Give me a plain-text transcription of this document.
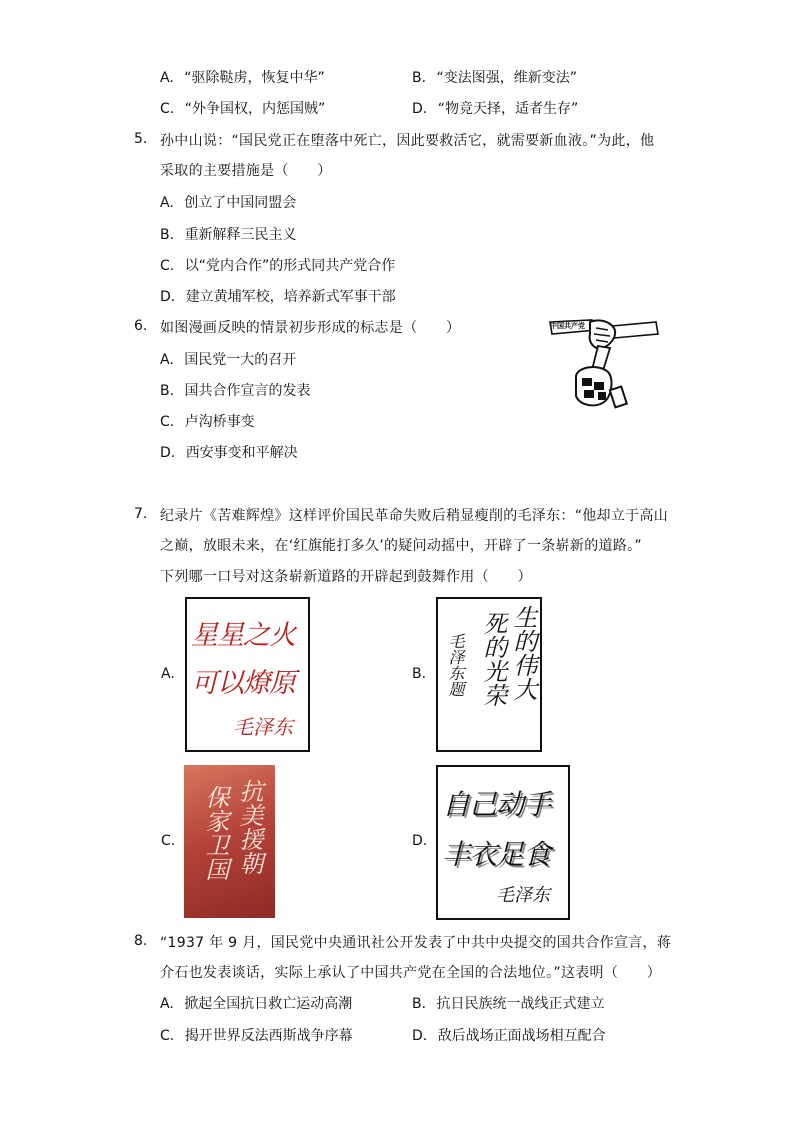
A. “驱除鞑虏，恢复中华”	B. “变法图强，维新变法”
C. “外争国权，内惩国贼”	D. “物竞天择，适者生存”
5. 孙中山说：“国民党正在堕落中死亡，因此要救活它，就需要新血液。”为此，他
采取的主要措施是（　　）
A. 创立了中国同盟会
B. 重新解释三民主义
C. 以“党内合作”的形式同共产党合作
D. 建立黄埔军校，培养新式军事干部
6. 如图漫画反映的情景初步形成的标志是（　　）
A. 国民党一大的召开
B. 国共合作宣言的发表
C. 卢沟桥事变
D. 西安事变和平解决
中国共产党
7. 纪录片《苦难辉煌》这样评价国民革命失败后稍显瘦削的毛泽东：“他却立于高山
之巅，放眼未来，在‘红旗能打多久’的疑问动摇中，开辟了一条崭新的道路。”
下列哪一口号对这条崭新道路的开辟起到鼓舞作用（　　）
A.
星星之火
可以燎原
毛泽东
B.	生的伟大
死的光荣
毛泽东题
C. 抗美援朝
保家卫国	D.
自己动手
丰衣足食
毛泽东
8. “1937 年 9 月，国民党中央通讯社公开发表了中共中央提交的国共合作宣言，蒋
介石也发表谈话，实际上承认了中国共产党在全国的合法地位。”这表明（　　）
A. 掀起全国抗日救亡运动高潮	B. 抗日民族统一战线正式建立
C. 揭开世界反法西斯战争序幕	D. 敌后战场正面战场相互配合
